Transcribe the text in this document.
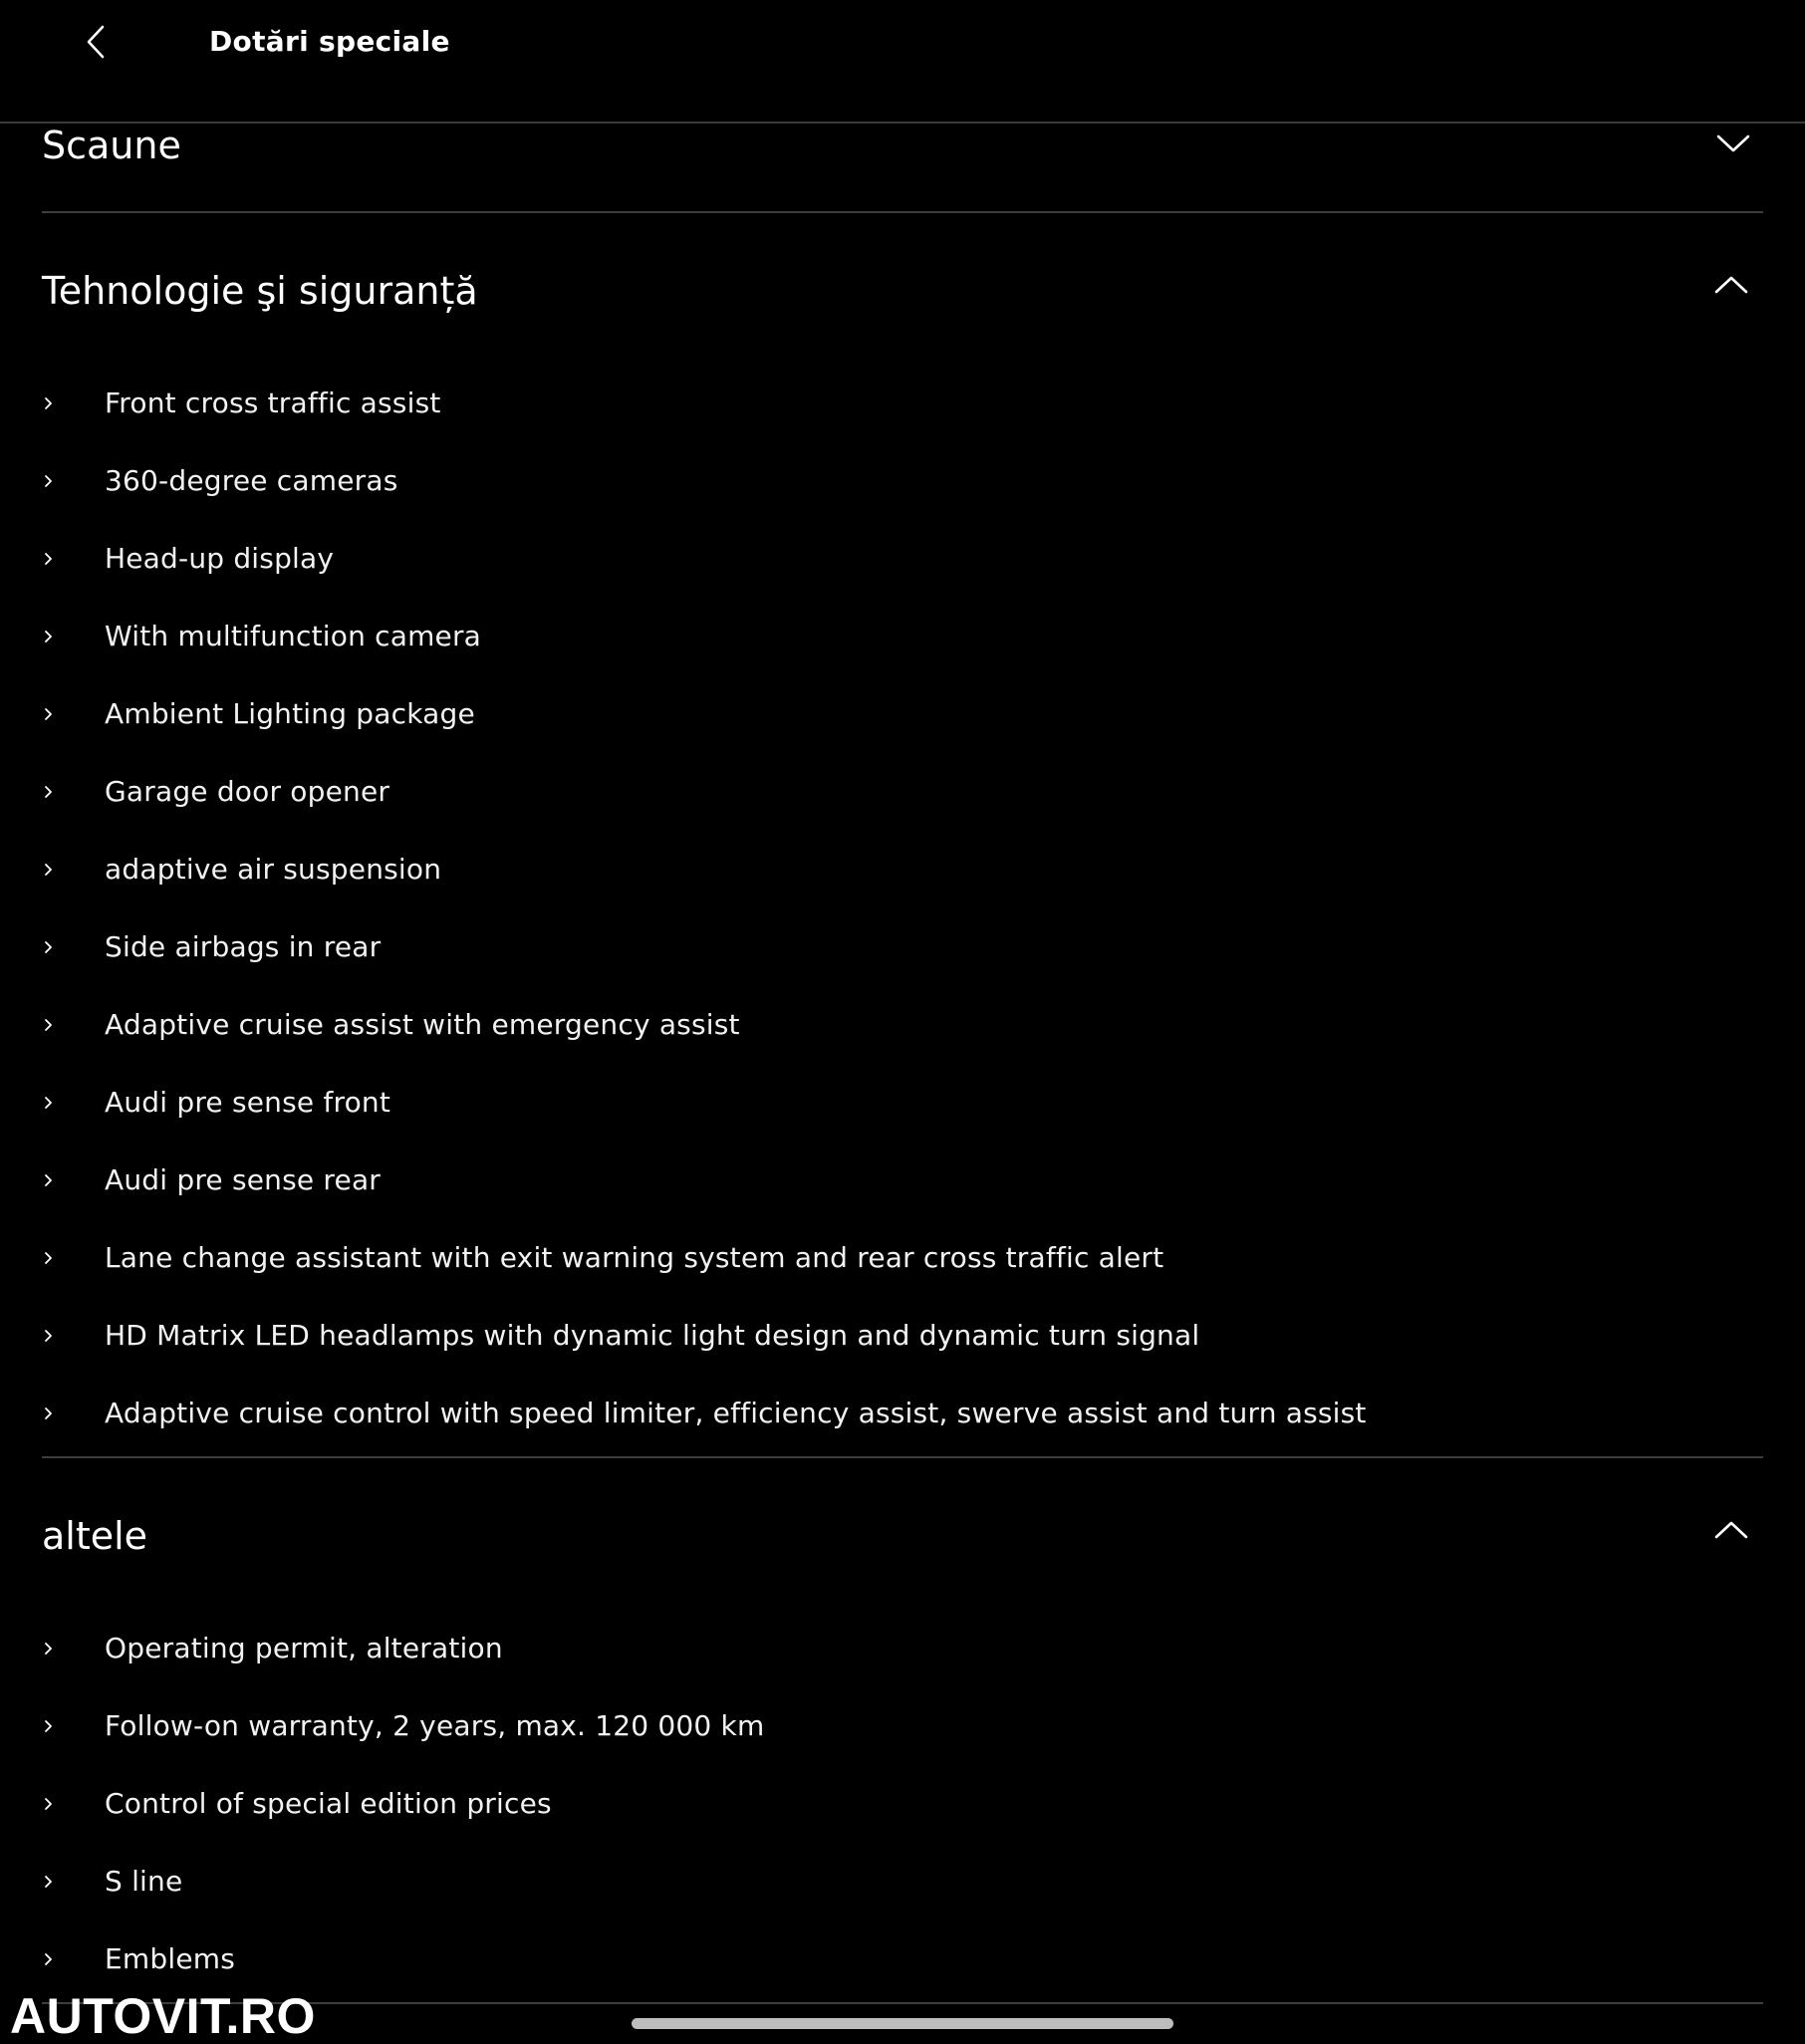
Dotări speciale
Scaune
Tehnologie şi siguranță
Front cross traffic assist
360-degree cameras
Head-up display
With multifunction camera
Ambient Lighting package
Garage door opener
adaptive air suspension
Side airbags in rear
Adaptive cruise assist with emergency assist
Audi pre sense front
Audi pre sense rear
Lane change assistant with exit warning system and rear cross traffic alert
HD Matrix LED headlamps with dynamic light design and dynamic turn signal
Adaptive cruise control with speed limiter, efficiency assist, swerve assist and turn assist
altele
Operating permit, alteration
Follow-on warranty, 2 years, max. 120 000 km
Control of special edition prices
S line
Emblems
AUTOVIT.RO
